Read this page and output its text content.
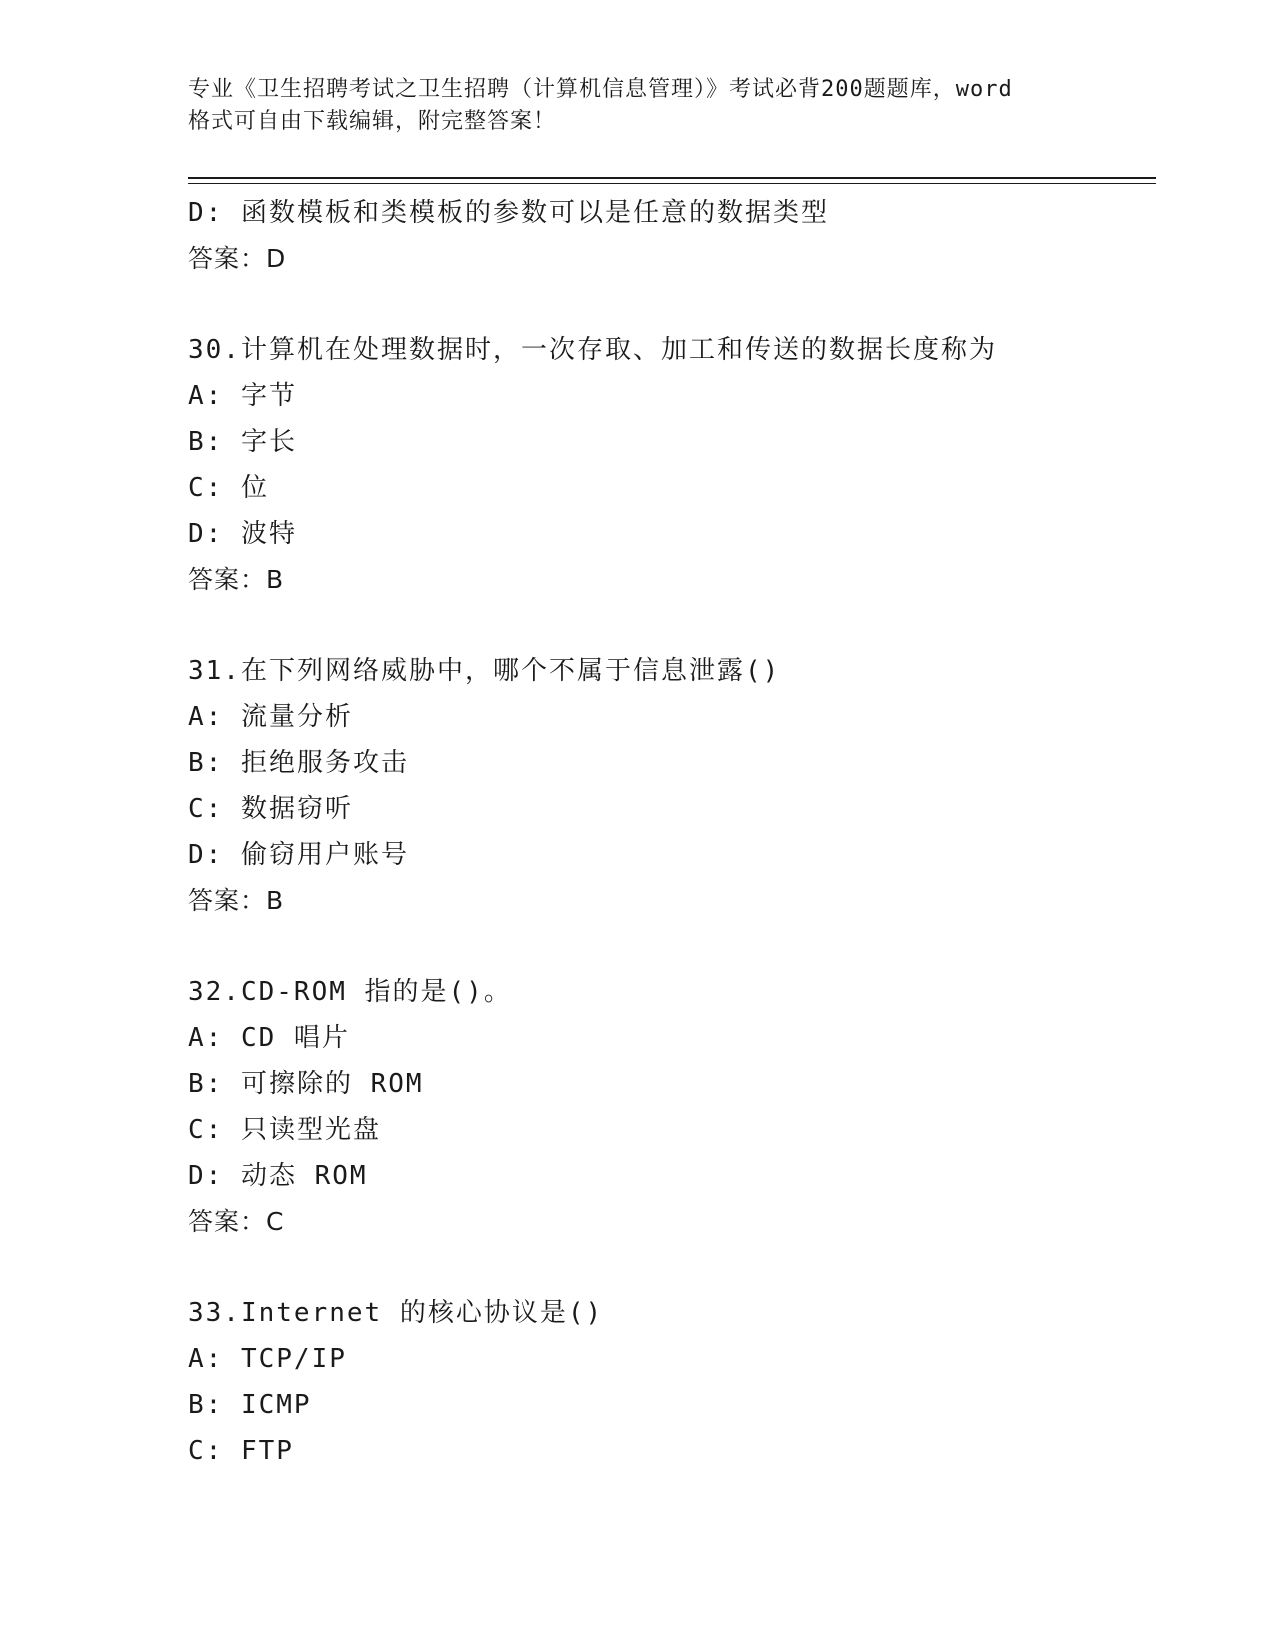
专业《卫生招聘考试之卫生招聘（计算机信息管理）》考试必背200题题库，word
格式可自由下载编辑，附完整答案！
D: 函数模板和类模板的参数可以是任意的数据类型
答案：D
30.计算机在处理数据时，一次存取、加工和传送的数据长度称为
A: 字节
B: 字长
C: 位
D: 波特
答案：B
31.在下列网络威胁中，哪个不属于信息泄露()
A: 流量分析
B: 拒绝服务攻击
C: 数据窃听
D: 偷窃用户账号
答案：B
32.CD-ROM 指的是()。
A: CD 唱片
B: 可擦除的 ROM
C: 只读型光盘
D: 动态 ROM
答案：C
33.Internet 的核心协议是()
A: TCP/IP
B: ICMP
C: FTP
